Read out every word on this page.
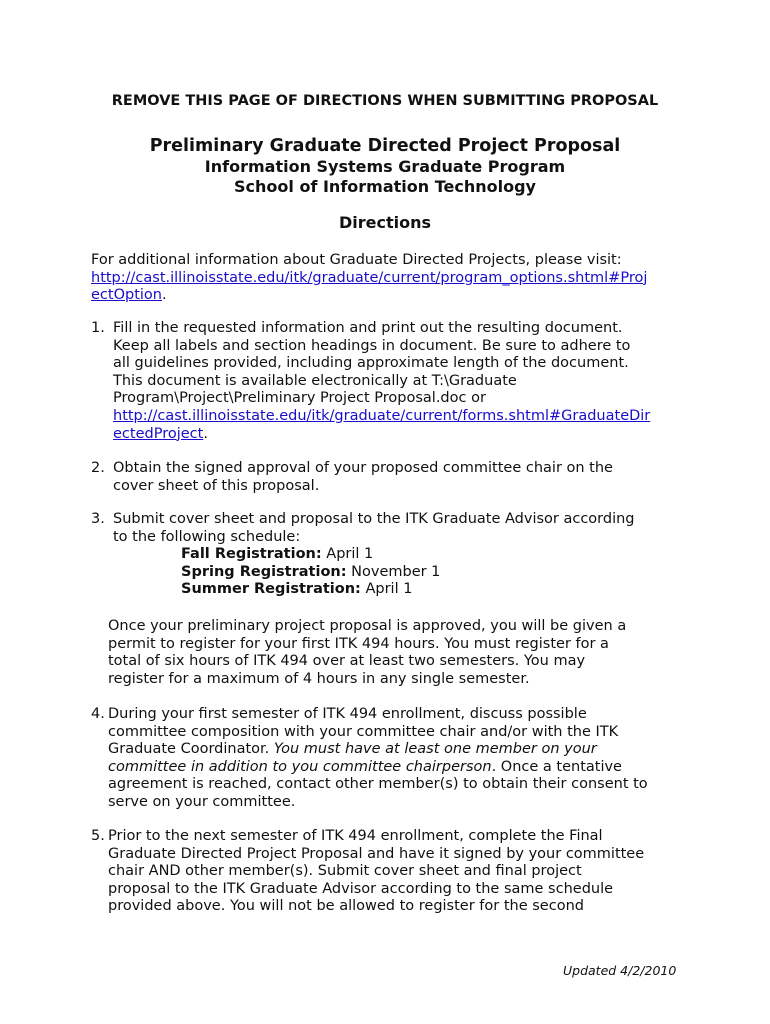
REMOVE THIS PAGE OF DIRECTIONS WHEN SUBMITTING PROPOSAL
Preliminary Graduate Directed Project Proposal
Information Systems Graduate Program
School of Information Technology
Directions
For additional information about Graduate Directed Projects, please visit:
http://cast.illinoisstate.edu/itk/graduate/current/program_options.shtml#Proj
ectOption.
1. Fill in the requested information and print out the resulting document.
Keep all labels and section headings in document. Be sure to adhere to
all guidelines provided, including approximate length of the document.
This document is available electronically at T:\Graduate
Program\Project\Preliminary Project Proposal.doc or
http://cast.illinoisstate.edu/itk/graduate/current/forms.shtml#GraduateDir
ectedProject.
2. Obtain the signed approval of your proposed committee chair on the
cover sheet of this proposal.
3. Submit cover sheet and proposal to the ITK Graduate Advisor according
to the following schedule:
Fall Registration: April 1
Spring Registration: November 1
Summer Registration: April 1
Once your preliminary project proposal is approved, you will be given a
permit to register for your first ITK 494 hours. You must register for a
total of six hours of ITK 494 over at least two semesters. You may
register for a maximum of 4 hours in any single semester.
4. During your first semester of ITK 494 enrollment, discuss possible
committee composition with your committee chair and/or with the ITK
Graduate Coordinator. You must have at least one member on your
committee in addition to you committee chairperson. Once a tentative
agreement is reached, contact other member(s) to obtain their consent to
serve on your committee.
5. Prior to the next semester of ITK 494 enrollment, complete the Final
Graduate Directed Project Proposal and have it signed by your committee
chair AND other member(s). Submit cover sheet and final project
proposal to the ITK Graduate Advisor according to the same schedule
provided above. You will not be allowed to register for the second
Updated 4/2/2010
